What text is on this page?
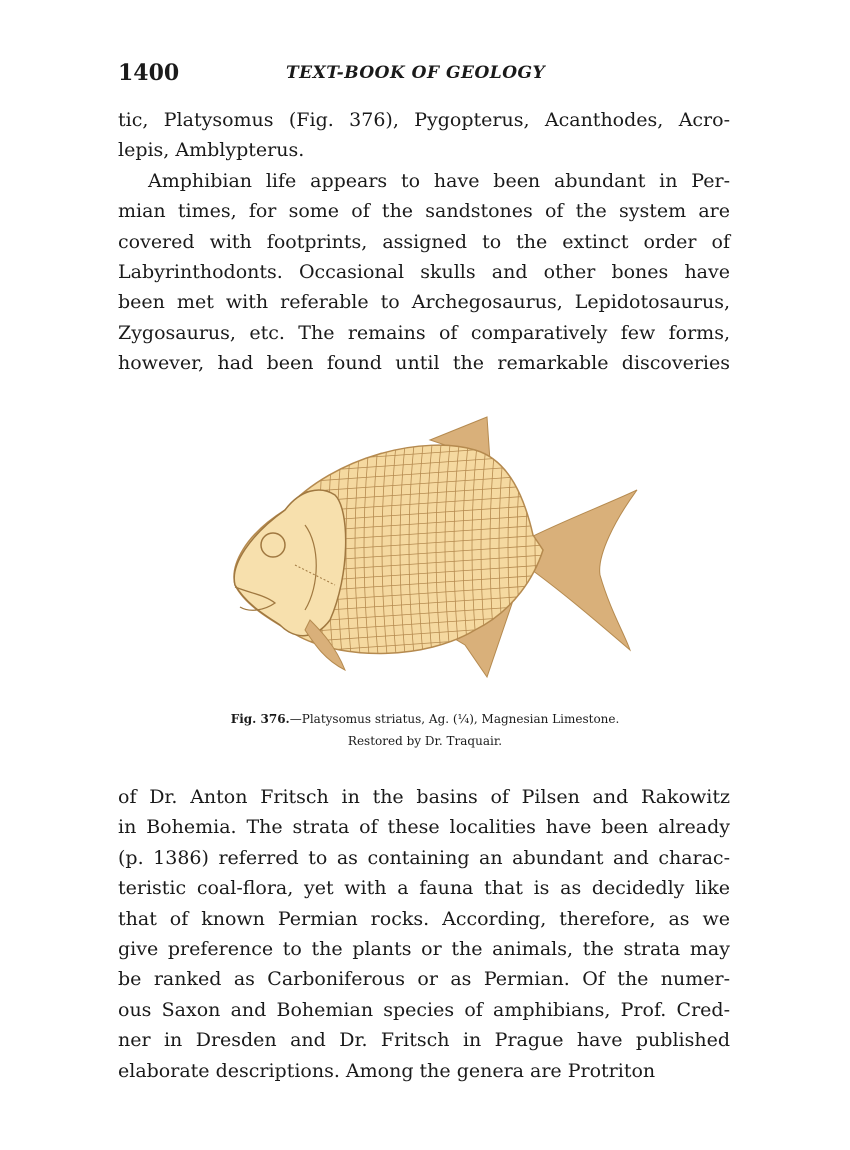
1400	TEXT-BOOK OF GEOLOGY
tic, Platysomus (Fig. 376), Pygopterus, Acanthodes, Acro-
lepis, Amblypterus.
Amphibian life appears to have been abundant in Per-
mian times, for some of the sandstones of the system are
covered with footprints, assigned to the extinct order of
Labyrinthodonts. Occasional skulls and other bones have
been met with referable to Archegosaurus, Lepidotosaurus,
Zygosaurus, etc. The remains of comparatively few forms,
however, had been found until the remarkable discoveries
Fig. 376.—Platysomus striatus, Ag. (¼), Magnesian Limestone.
Restored by Dr. Traquair.
of Dr. Anton Fritsch in the basins of Pilsen and Rakowitz
in Bohemia. The strata of these localities have been already
(p. 1386) referred to as containing an abundant and charac-
teristic coal-flora, yet with a fauna that is as decidedly like
that of known Permian rocks. According, therefore, as we
give preference to the plants or the animals, the strata may
be ranked as Carboniferous or as Permian. Of the numer-
ous Saxon and Bohemian species of amphibians, Prof. Cred-
ner in Dresden and Dr. Fritsch in Prague have published
elaborate descriptions. Among the genera are Protriton
